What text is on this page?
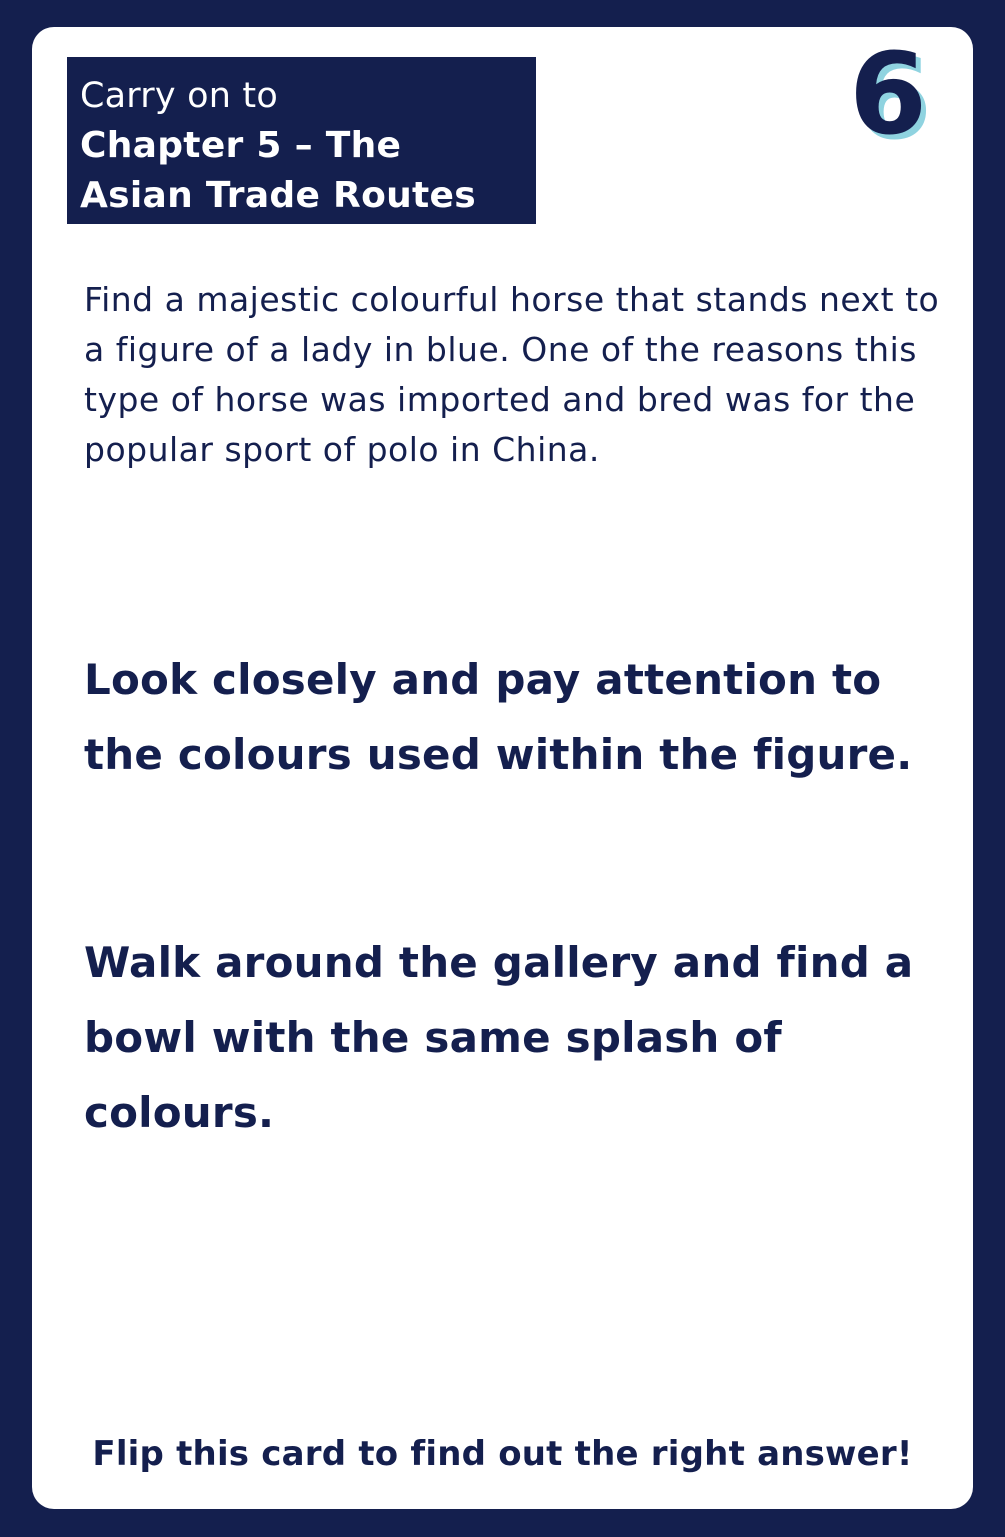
Carry on to
Chapter 5 – The Asian Trade Routes
6

Find a majestic colourful horse that stands next to a figure of a lady in blue. One of the reasons this type of horse was imported and bred was for the popular sport of polo in China.

Look closely and pay attention to the colours used within the figure.

Walk around the gallery and find a bowl with the same splash of colours.

Flip this card to find out the right answer!
